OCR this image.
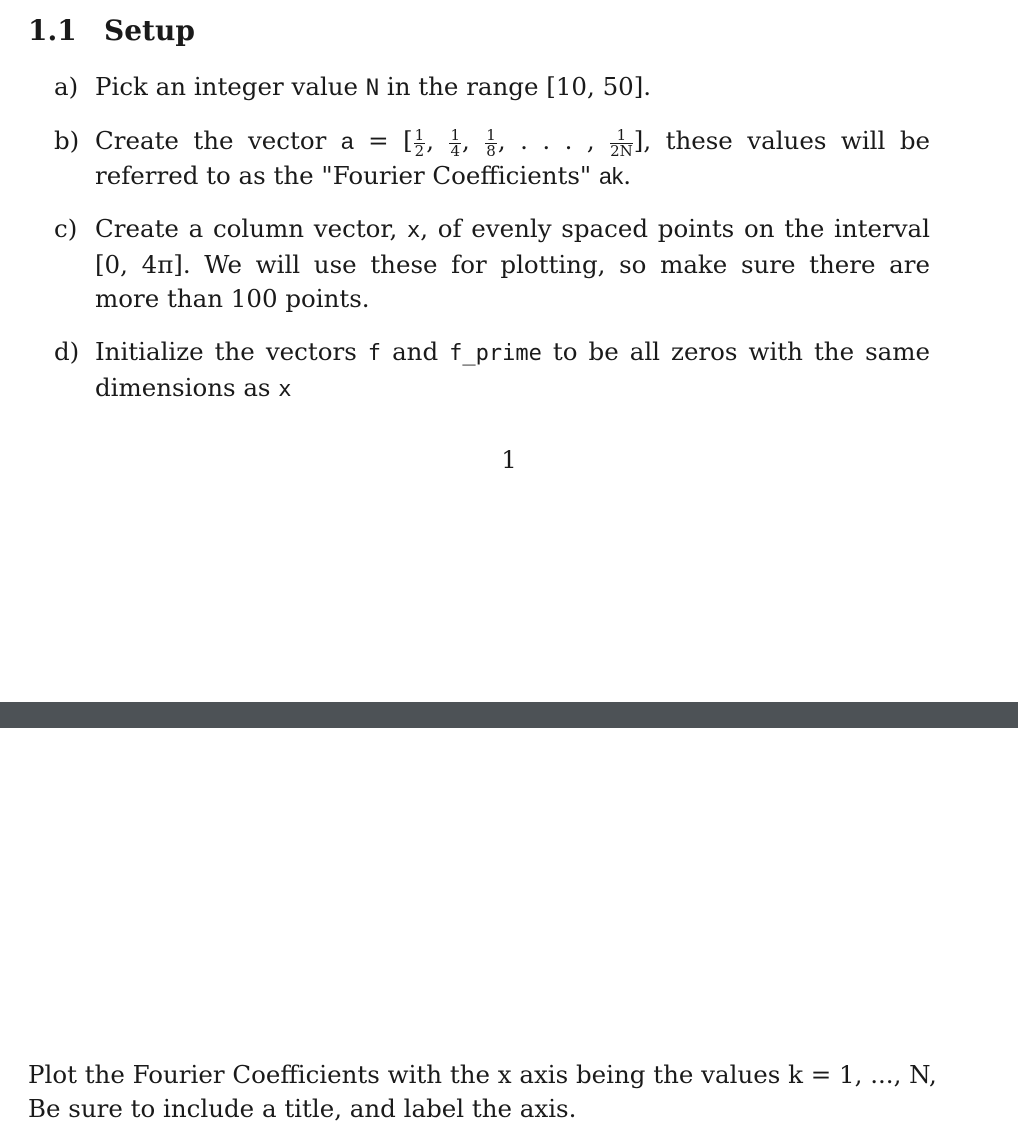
1.1 Setup
a) Pick an integer value N in the range [10, 50].
b) Create the vector a = [ $\frac{1}{2}$ , $\frac{1}{4}$ , $\frac{1}{8}$ , . . . , $\frac{1}{2N}$ ], these values will be referred to as the "Fourier Coefficients" ak.
c) Create a column vector, x, of evenly spaced points on the interval [0, 4π]. We will use these for plotting, so make sure there are more than 100 points.
d) Initialize the vectors f and f_prime to be all zeros with the same dimensions as x
1

Plot the Fourier Coefficients with the x axis being the values k = 1, ..., N,

Be sure to include a title, and label the axis.
